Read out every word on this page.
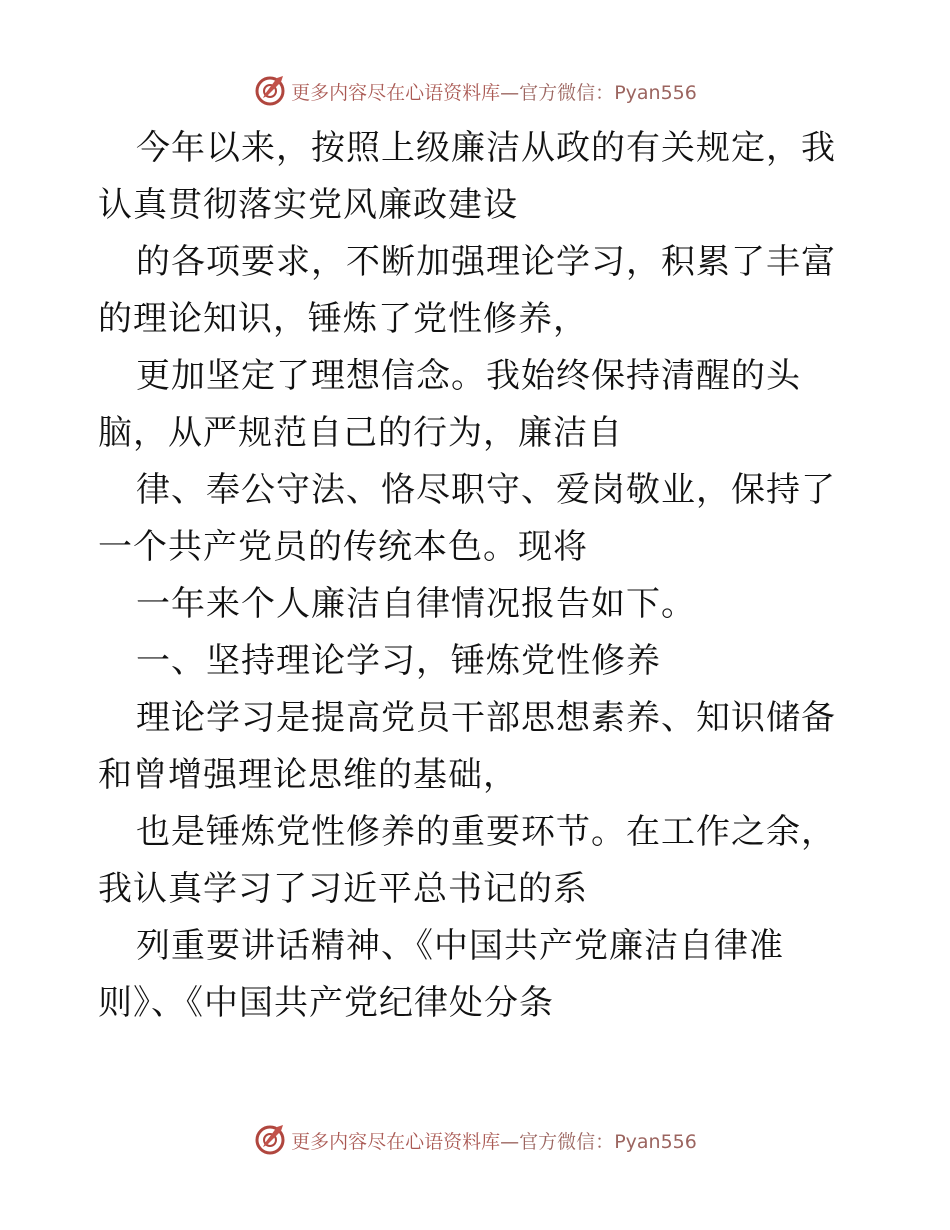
更多内容尽在心语资料库—官方微信：Pyan556

今年以来，按照上级廉洁从政的有关规定，我认真贯彻落实党风廉政建设

的各项要求，不断加强理论学习，积累了丰富的理论知识，锤炼了党性修养，

更加坚定了理想信念。我始终保持清醒的头脑，从严规范自己的行为，廉洁自

律、奉公守法、恪尽职守、爱岗敬业，保持了一个共产党员的传统本色。现将

一年来个人廉洁自律情况报告如下。

一、坚持理论学习，锤炼党性修养

理论学习是提高党员干部思想素养、知识储备和曾增强理论思维的基础，

也是锤炼党性修养的重要环节。在工作之余，我认真学习了习近平总书记的系

列重要讲话精神、《中国共产党廉洁自律准则》、《中国共产党纪律处分条

更多内容尽在心语资料库—官方微信：Pyan556
